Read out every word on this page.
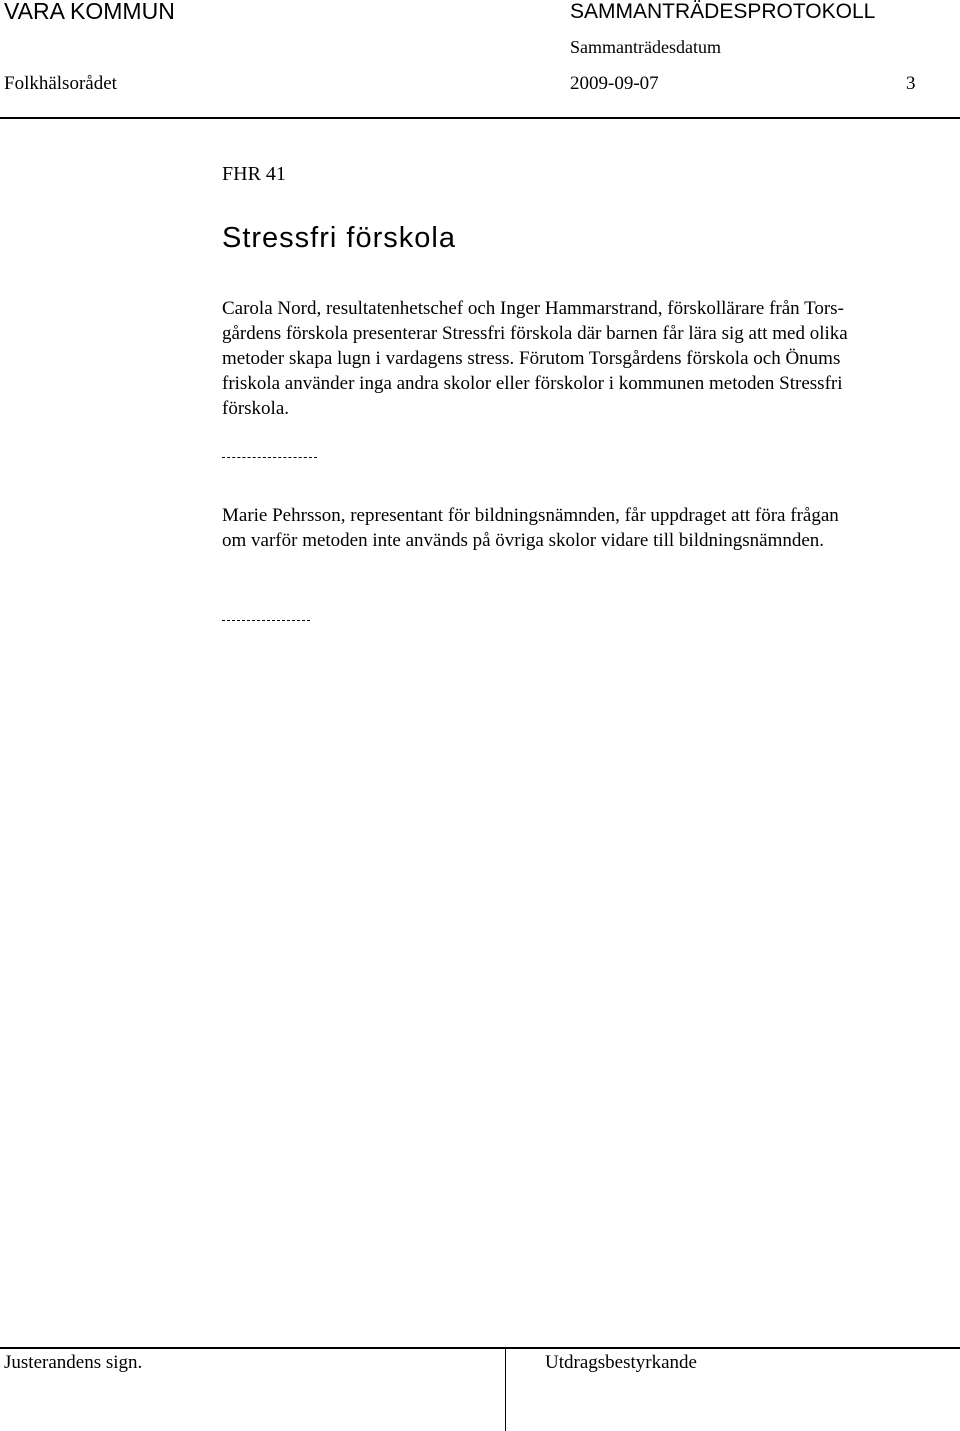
VARA KOMMUN	SAMMANTRÄDESPROTOKOLL
Sammanträdesdatum
Folkhälsorådet	2009-09-07	3
FHR 41
Stressfri förskola
Carola Nord, resultatenhetschef och Inger Hammarstrand, förskollärare från Tors-
gårdens förskola presenterar Stressfri förskola där barnen får lära sig att med olika
metoder skapa lugn i vardagens stress. Förutom Torsgårdens förskola och Önums
friskola använder inga andra skolor eller förskolor i kommunen metoden Stressfri
förskola.
Marie Pehrsson, representant för bildningsnämnden, får uppdraget att föra frågan
om varför metoden inte används på övriga skolor vidare till bildningsnämnden.
Justerandens sign.	Utdragsbestyrkande
